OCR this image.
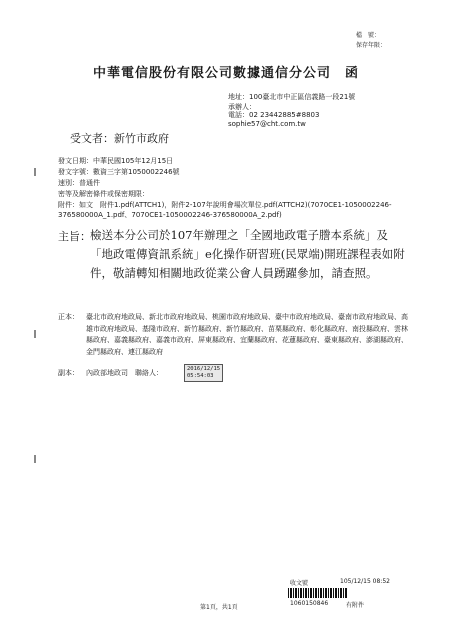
檔　號：
保存年限：
中華電信股份有限公司數據通信分公司　函
地址：100臺北市中正區信義路一段21號
承辦人：
電話：02 23442885#8803
sophie57@cht.com.tw
受文者：新竹市政府
發文日期：中華民國105年12月15日
發文字號：數資三字第1050002246號
速別：普通件
密等及解密條件或保密期限：
附件：如文　附件1.pdf(ATTCH1)，附件2-107年說明會場次單位.pdf(ATTCH2)(7070CE1-1050002246-376580000A_1.pdf、7070CE1-1050002246-376580000A_2.pdf)
主旨： 檢送本分公司於107年辦理之「全國地政電子謄本系統」及「地政電傳資訊系統」e化操作研習班(民眾端)開班課程表如附件，敬請轉知相關地政從業公會人員踴躍參加，請查照。
正本： 臺北市政府地政局、新北市政府地政局、桃園市政府地政局、臺中市政府地政局、臺南市政府地政局、高雄市政府地政局、基隆市政府、新竹縣政府、新竹縣政府、苗栗縣政府、彰化縣政府、南投縣政府、雲林縣政府、嘉義縣政府、嘉義市政府、屏東縣政府、宜蘭縣政府、花蓮縣政府、臺東縣政府、澎湖縣政府、金門縣政府、連江縣政府
副本： 內政部地政司　聯絡人：	2016/12/15
05:54:03
收文號	105/12/15 08:52
1060150846	有附件
第1頁，共1頁
